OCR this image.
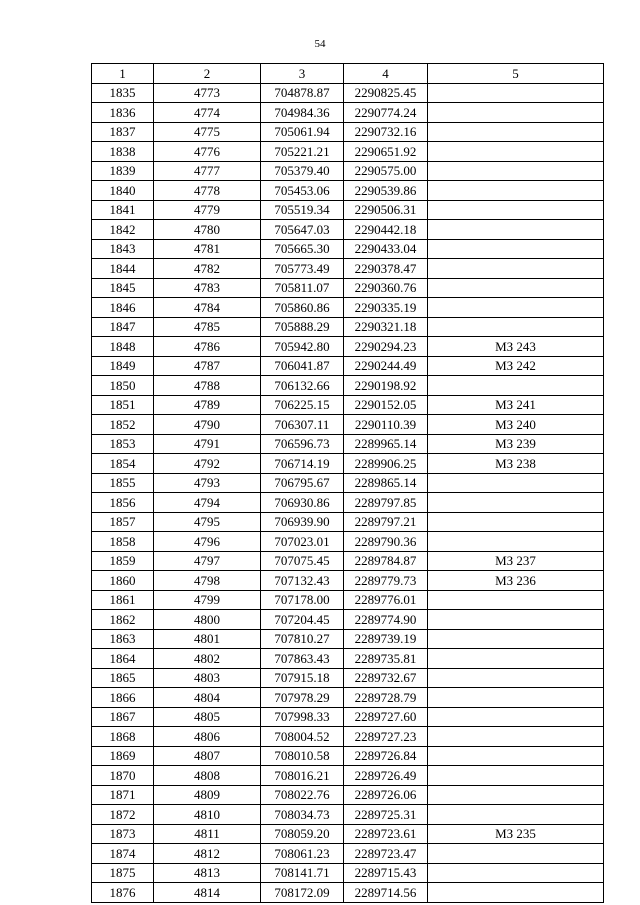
54
1	2	3	4	5
1835	4773	704878.87	2290825.45	
1836	4774	704984.36	2290774.24	
1837	4775	705061.94	2290732.16	
1838	4776	705221.21	2290651.92	
1839	4777	705379.40	2290575.00	
1840	4778	705453.06	2290539.86	
1841	4779	705519.34	2290506.31	
1842	4780	705647.03	2290442.18	
1843	4781	705665.30	2290433.04	
1844	4782	705773.49	2290378.47	
1845	4783	705811.07	2290360.76	
1846	4784	705860.86	2290335.19	
1847	4785	705888.29	2290321.18	
1848	4786	705942.80	2290294.23	МЗ 243
1849	4787	706041.87	2290244.49	МЗ 242
1850	4788	706132.66	2290198.92	
1851	4789	706225.15	2290152.05	МЗ 241
1852	4790	706307.11	2290110.39	МЗ 240
1853	4791	706596.73	2289965.14	МЗ 239
1854	4792	706714.19	2289906.25	МЗ 238
1855	4793	706795.67	2289865.14	
1856	4794	706930.86	2289797.85	
1857	4795	706939.90	2289797.21	
1858	4796	707023.01	2289790.36	
1859	4797	707075.45	2289784.87	МЗ 237
1860	4798	707132.43	2289779.73	МЗ 236
1861	4799	707178.00	2289776.01	
1862	4800	707204.45	2289774.90	
1863	4801	707810.27	2289739.19	
1864	4802	707863.43	2289735.81	
1865	4803	707915.18	2289732.67	
1866	4804	707978.29	2289728.79	
1867	4805	707998.33	2289727.60	
1868	4806	708004.52	2289727.23	
1869	4807	708010.58	2289726.84	
1870	4808	708016.21	2289726.49	
1871	4809	708022.76	2289726.06	
1872	4810	708034.73	2289725.31	
1873	4811	708059.20	2289723.61	МЗ 235
1874	4812	708061.23	2289723.47	
1875	4813	708141.71	2289715.43	
1876	4814	708172.09	2289714.56	
